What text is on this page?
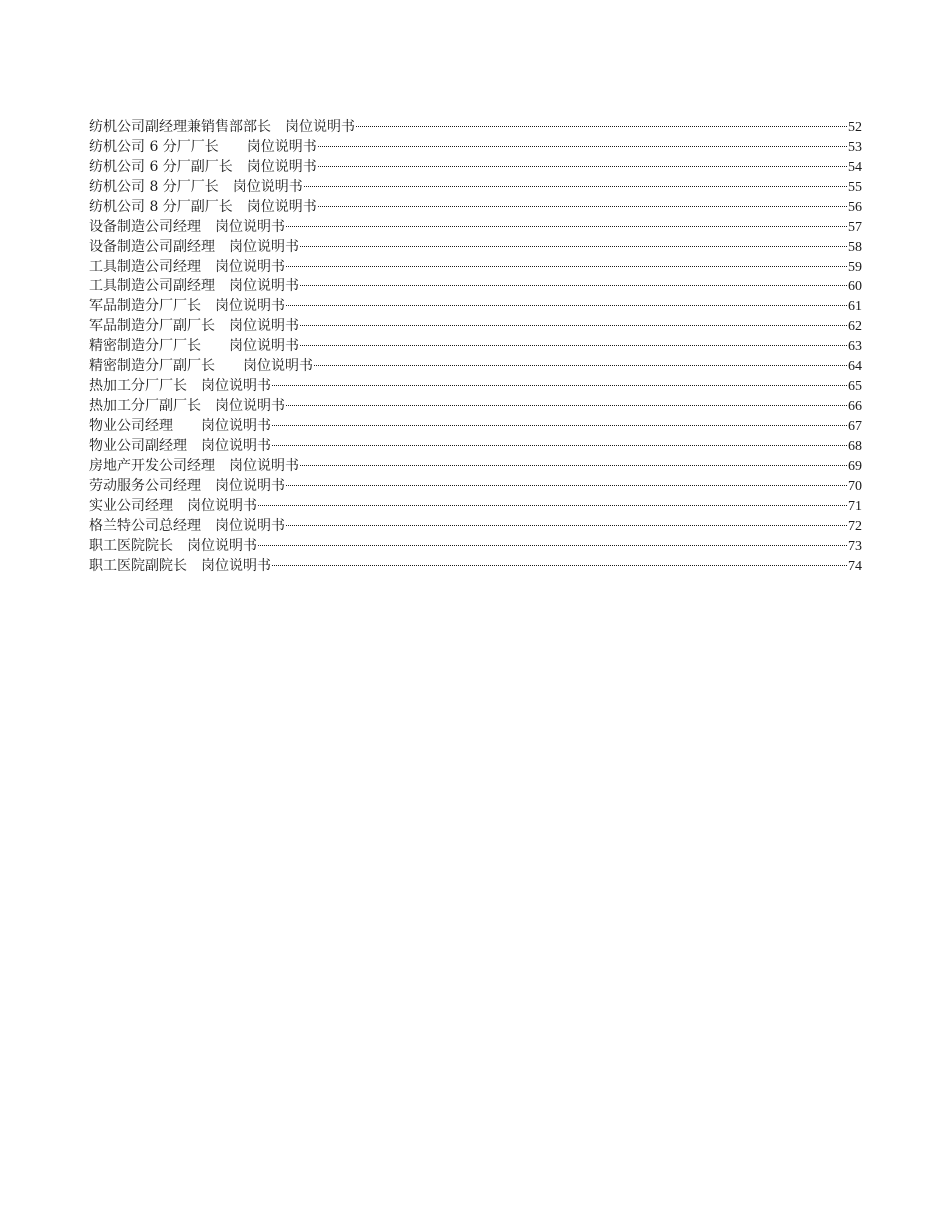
纺机公司副经理兼销售部部长　岗位说明书	52
纺机公司 6 分厂厂长　　岗位说明书	53
纺机公司 6 分厂副厂长　岗位说明书	54
纺机公司 8 分厂厂长　岗位说明书	55
纺机公司 8 分厂副厂长　岗位说明书	56
设备制造公司经理　岗位说明书	57
设备制造公司副经理　岗位说明书	58
工具制造公司经理　岗位说明书	59
工具制造公司副经理　岗位说明书	60
军品制造分厂厂长　岗位说明书	61
军品制造分厂副厂长　岗位说明书	62
精密制造分厂厂长　　岗位说明书	63
精密制造分厂副厂长　　岗位说明书	64
热加工分厂厂长　岗位说明书	65
热加工分厂副厂长　岗位说明书	66
物业公司经理　　岗位说明书	67
物业公司副经理　岗位说明书	68
房地产开发公司经理　岗位说明书	69
劳动服务公司经理　岗位说明书	70
实业公司经理　岗位说明书	71
格兰特公司总经理　岗位说明书	72
职工医院院长　岗位说明书	73
职工医院副院长　岗位说明书	74
